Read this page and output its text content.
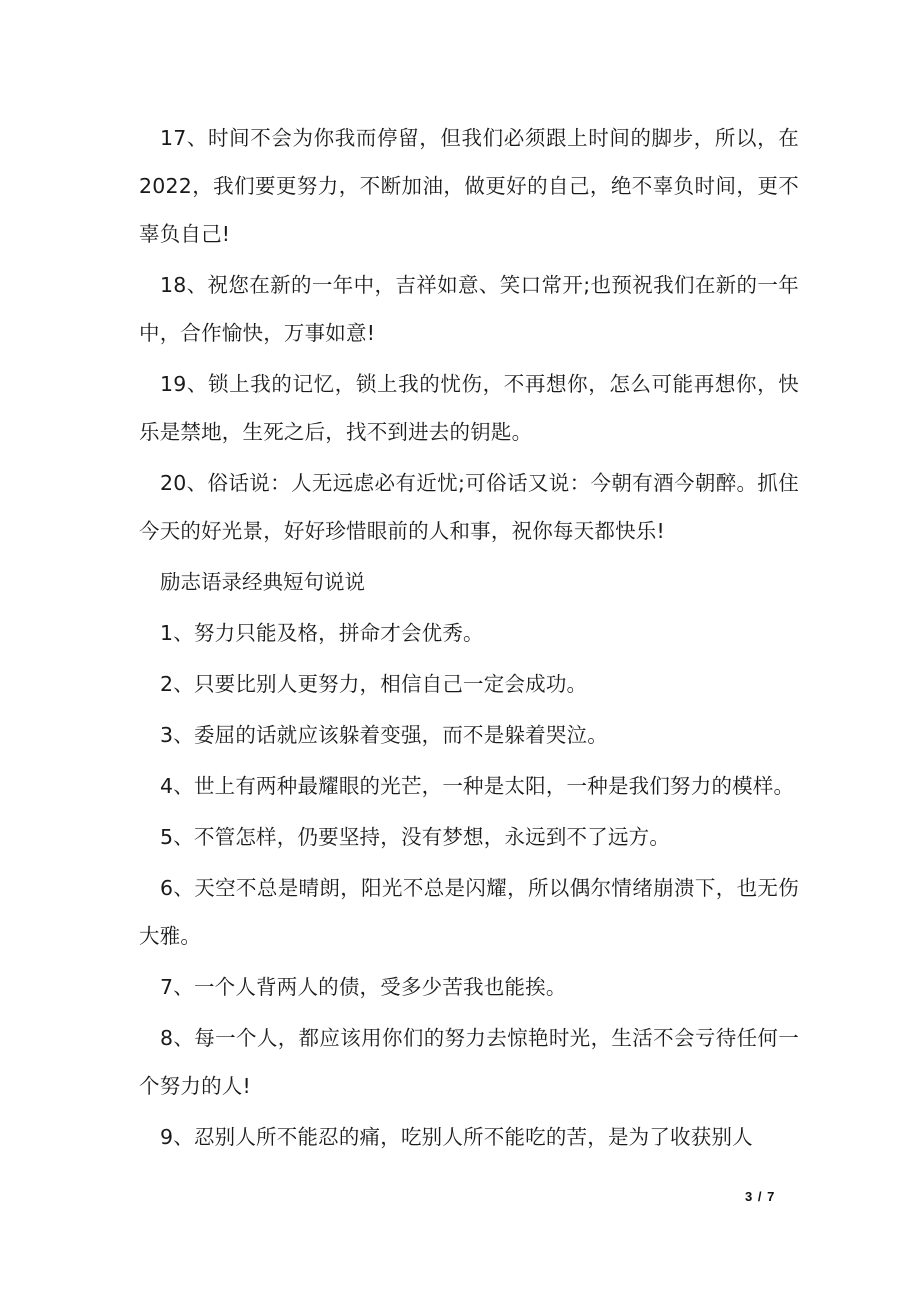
17、时间不会为你我而停留，但我们必须跟上时间的脚步，所以，在 2022，我们要更努力，不断加油，做更好的自己，绝不辜负时间，更不辜负自己!

18、祝您在新的一年中，吉祥如意、笑口常开;也预祝我们在新的一年中，合作愉快，万事如意!

19、锁上我的记忆，锁上我的忧伤，不再想你，怎么可能再想你，快乐是禁地，生死之后，找不到进去的钥匙。

20、俗话说：人无远虑必有近忧;可俗话又说：今朝有酒今朝醉。抓住今天的好光景，好好珍惜眼前的人和事，祝你每天都快乐!

励志语录经典短句说说

1、努力只能及格，拼命才会优秀。

2、只要比别人更努力，相信自己一定会成功。

3、委屈的话就应该躲着变强，而不是躲着哭泣。

4、世上有两种最耀眼的光芒，一种是太阳，一种是我们努力的模样。

5、不管怎样，仍要坚持，没有梦想，永远到不了远方。

6、天空不总是晴朗，阳光不总是闪耀，所以偶尔情绪崩溃下，也无伤大雅。

7、一个人背两人的债，受多少苦我也能挨。

8、每一个人，都应该用你们的努力去惊艳时光，生活不会亏待任何一个努力的人!

9、忍别人所不能忍的痛，吃别人所不能吃的苦，是为了收获别人

3 / 7
